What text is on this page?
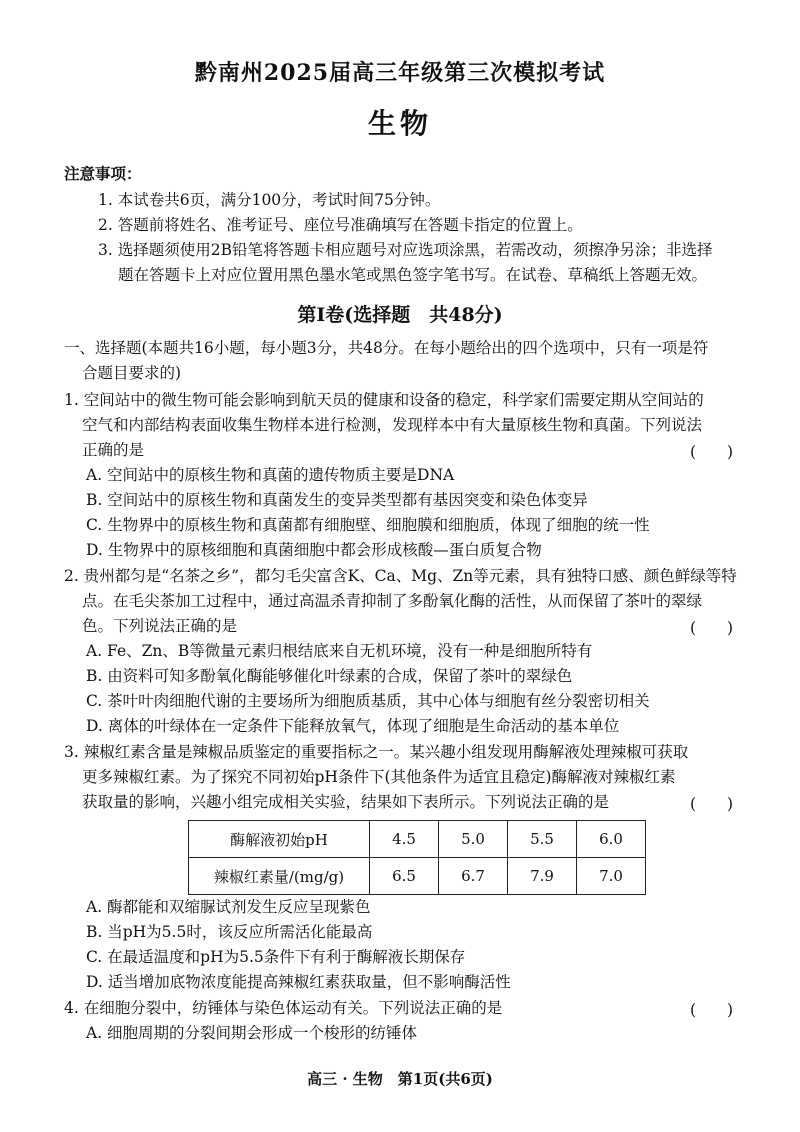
黔南州2025届高三年级第三次模拟考试
生物
注意事项：
1. 本试卷共6页，满分100分，考试时间75分钟。
2. 答题前将姓名、准考证号、座位号准确填写在答题卡指定的位置上。
3. 选择题须使用2B铅笔将答题卡相应题号对应选项涂黑，若需改动，须擦净另涂；非选择
题在答题卡上对应位置用黑色墨水笔或黑色签字笔书写。在试卷、草稿纸上答题无效。
第Ⅰ卷(选择题　共48分)
一、选择题(本题共16小题，每小题3分，共48分。在每小题给出的四个选项中，只有一项是符
合题目要求的)
1. 空间站中的微生物可能会影响到航天员的健康和设备的稳定，科学家们需要定期从空间站的
空气和内部结构表面收集生物样本进行检测，发现样本中有大量原核生物和真菌。下列说法
正确的是	(　　)
A. 空间站中的原核生物和真菌的遗传物质主要是DNA
B. 空间站中的原核生物和真菌发生的变异类型都有基因突变和染色体变异
C. 生物界中的原核生物和真菌都有细胞壁、细胞膜和细胞质，体现了细胞的统一性
D. 生物界中的原核细胞和真菌细胞中都会形成核酸—蛋白质复合物
2. 贵州都匀是“名茶之乡”，都匀毛尖富含K、Ca、Mg、Zn等元素，具有独特口感、颜色鲜绿等特
点。在毛尖茶加工过程中，通过高温杀青抑制了多酚氧化酶的活性，从而保留了茶叶的翠绿
色。下列说法正确的是	(　　)
A. Fe、Zn、B等微量元素归根结底来自无机环境，没有一种是细胞所特有
B. 由资料可知多酚氧化酶能够催化叶绿素的合成，保留了茶叶的翠绿色
C. 茶叶叶肉细胞代谢的主要场所为细胞质基质，其中心体与细胞有丝分裂密切相关
D. 离体的叶绿体在一定条件下能释放氧气，体现了细胞是生命活动的基本单位
3. 辣椒红素含量是辣椒品质鉴定的重要指标之一。某兴趣小组发现用酶解液处理辣椒可获取
更多辣椒红素。为了探究不同初始pH条件下(其他条件为适宜且稳定)酶解液对辣椒红素
获取量的影响，兴趣小组完成相关实验，结果如下表所示。下列说法正确的是	(　　)
酶解液初始pH	4.5	5.0	5.5	6.0
辣椒红素量/(mg/g)	6.5	6.7	7.9	7.0
A. 酶都能和双缩脲试剂发生反应呈现紫色
B. 当pH为5.5时，该反应所需活化能最高
C. 在最适温度和pH为5.5条件下有利于酶解液长期保存
D. 适当增加底物浓度能提高辣椒红素获取量，但不影响酶活性
4. 在细胞分裂中，纺锤体与染色体运动有关。下列说法正确的是	(　　)
A. 细胞周期的分裂间期会形成一个梭形的纺锤体
高三 · 生物　第1页(共6页)
